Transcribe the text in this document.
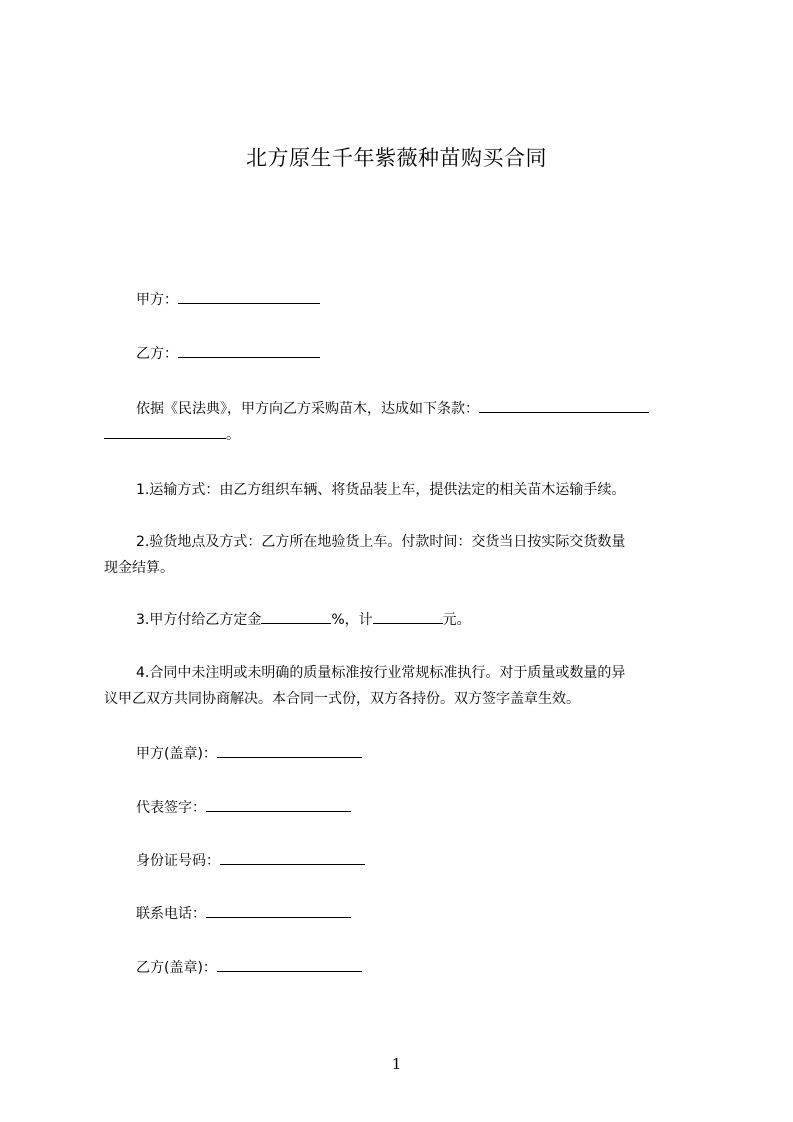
北方原生千年紫薇种苗购买合同
甲方：
乙方：
依据《民法典》，甲方向乙方采购苗木，达成如下条款：
。
1.运输方式：由乙方组织车辆、将货品装上车，提供法定的相关苗木运输手续。
2.验货地点及方式：乙方所在地验货上车。付款时间：交货当日按实际交货数量
现金结算。
3.甲方付给乙方定金	%，计	元。
4.合同中未注明或未明确的质量标准按行业常规标准执行。对于质量或数量的异
议甲乙双方共同协商解决。本合同一式份，双方各持份。双方签字盖章生效。
甲方(盖章)：
代表签字：
身份证号码：
联系电话：
乙方(盖章)：
1
